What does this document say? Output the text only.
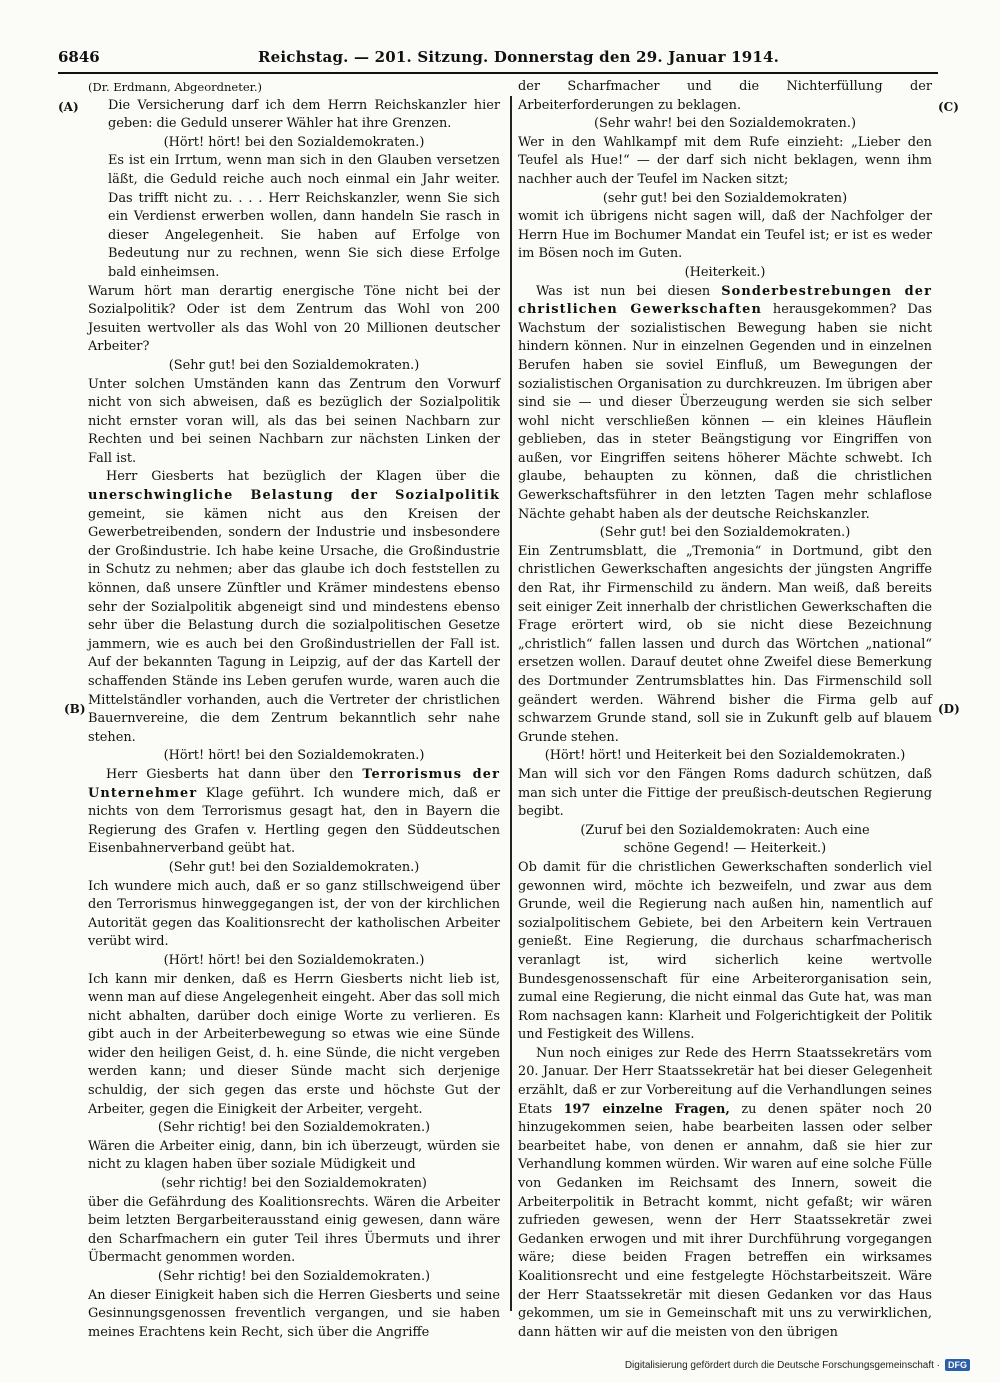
6846	Reichstag. — 201. Sitzung. Donnerstag den 29. Januar 1914.
(A)
(B)
(C)
(D)

(Dr. Erdmann, Abgeordneter.)

Die Versicherung darf ich dem Herrn Reichskanzler hier geben: die Geduld unserer Wähler hat ihre Grenzen.

(Hört! hört! bei den Sozialdemokraten.)

Es ist ein Irrtum, wenn man sich in den Glauben versetzen läßt, die Geduld reiche auch noch einmal ein Jahr weiter. Das trifft nicht zu. . . . Herr Reichskanzler, wenn Sie sich ein Verdienst erwerben wollen, dann handeln Sie rasch in dieser Angelegenheit. Sie haben auf Erfolge von Bedeutung nur zu rechnen, wenn Sie sich diese Erfolge bald einheimsen.

Warum hört man derartig energische Töne nicht bei der Sozialpolitik? Oder ist dem Zentrum das Wohl von 200 Jesuiten wertvoller als das Wohl von 20 Millionen deutscher Arbeiter?

(Sehr gut! bei den Sozialdemokraten.)

Unter solchen Umständen kann das Zentrum den Vorwurf nicht von sich abweisen, daß es bezüglich der Sozialpolitik nicht ernster voran will, als das bei seinen Nachbarn zur Rechten und bei seinen Nachbarn zur nächsten Linken der Fall ist.

Herr Giesberts hat bezüglich der Klagen über die unerschwingliche Belastung der Sozialpolitik gemeint, sie kämen nicht aus den Kreisen der Gewerbetreibenden, sondern der Industrie und insbesondere der Großindustrie. Ich habe keine Ursache, die Großindustrie in Schutz zu nehmen; aber das glaube ich doch feststellen zu können, daß unsere Zünftler und Krämer mindestens ebenso sehr der Sozialpolitik abgeneigt sind und mindestens ebenso sehr über die Belastung durch die sozialpolitischen Gesetze jammern, wie es auch bei den Großindustriellen der Fall ist. Auf der bekannten Tagung in Leipzig, auf der das Kartell der schaffenden Stände ins Leben gerufen wurde, waren auch die Mittelständler vorhanden, auch die Vertreter der christlichen Bauernvereine, die dem Zentrum bekanntlich sehr nahe stehen.

(Hört! hört! bei den Sozialdemokraten.)

Herr Giesberts hat dann über den Terrorismus der Unternehmer Klage geführt. Ich wundere mich, daß er nichts von dem Terrorismus gesagt hat, den in Bayern die Regierung des Grafen v. Hertling gegen den Süddeutschen Eisenbahnerverband geübt hat.

(Sehr gut! bei den Sozialdemokraten.)

Ich wundere mich auch, daß er so ganz stillschweigend über den Terrorismus hinweggegangen ist, der von der kirchlichen Autorität gegen das Koalitionsrecht der katholischen Arbeiter verübt wird.

(Hört! hört! bei den Sozialdemokraten.)

Ich kann mir denken, daß es Herrn Giesberts nicht lieb ist, wenn man auf diese Angelegenheit eingeht. Aber das soll mich nicht abhalten, darüber doch einige Worte zu verlieren. Es gibt auch in der Arbeiterbewegung so etwas wie eine Sünde wider den heiligen Geist, d. h. eine Sünde, die nicht vergeben werden kann; und dieser Sünde macht sich derjenige schuldig, der sich gegen das erste und höchste Gut der Arbeiter, gegen die Einigkeit der Arbeiter, vergeht.

(Sehr richtig! bei den Sozialdemokraten.)

Wären die Arbeiter einig, dann, bin ich überzeugt, würden sie nicht zu klagen haben über soziale Müdigkeit und

(sehr richtig! bei den Sozialdemokraten)

über die Gefährdung des Koalitionsrechts. Wären die Arbeiter beim letzten Bergarbeiterausstand einig gewesen, dann wäre den Scharfmachern ein guter Teil ihres Übermuts und ihrer Übermacht genommen worden.

(Sehr richtig! bei den Sozialdemokraten.)

An dieser Einigkeit haben sich die Herren Giesberts und seine Gesinnungsgenossen freventlich vergangen, und sie haben meines Erachtens kein Recht, sich über die Angriffe

der Scharfmacher und die Nichterfüllung der Arbeiterforderungen zu beklagen.

(Sehr wahr! bei den Sozialdemokraten.)

Wer in den Wahlkampf mit dem Rufe einzieht: „Lieber den Teufel als Hue!“ — der darf sich nicht beklagen, wenn ihm nachher auch der Teufel im Nacken sitzt;

(sehr gut! bei den Sozialdemokraten)

womit ich übrigens nicht sagen will, daß der Nachfolger der Herrn Hue im Bochumer Mandat ein Teufel ist; er ist es weder im Bösen noch im Guten.

(Heiterkeit.)

Was ist nun bei diesen Sonderbestrebungen der christlichen Gewerkschaften herausgekommen? Das Wachstum der sozialistischen Bewegung haben sie nicht hindern können. Nur in einzelnen Gegenden und in einzelnen Berufen haben sie soviel Einfluß, um Bewegungen der sozialistischen Organisation zu durchkreuzen. Im übrigen aber sind sie — und dieser Überzeugung werden sie sich selber wohl nicht verschließen können — ein kleines Häuflein geblieben, das in steter Beängstigung vor Eingriffen von außen, vor Eingriffen seitens höherer Mächte schwebt. Ich glaube, behaupten zu können, daß die christlichen Gewerkschaftsführer in den letzten Tagen mehr schlaflose Nächte gehabt haben als der deutsche Reichskanzler.

(Sehr gut! bei den Sozialdemokraten.)

Ein Zentrumsblatt, die „Tremonia“ in Dortmund, gibt den christlichen Gewerkschaften angesichts der jüngsten Angriffe den Rat, ihr Firmenschild zu ändern. Man weiß, daß bereits seit einiger Zeit innerhalb der christlichen Gewerkschaften die Frage erörtert wird, ob sie nicht diese Bezeichnung „christlich“ fallen lassen und durch das Wörtchen „national“ ersetzen wollen. Darauf deutet ohne Zweifel diese Bemerkung des Dortmunder Zentrumsblattes hin. Das Firmenschild soll geändert werden. Während bisher die Firma gelb auf schwarzem Grunde stand, soll sie in Zukunft gelb auf blauem Grunde stehen.

(Hört! hört! und Heiterkeit bei den Sozialdemokraten.)

Man will sich vor den Fängen Roms dadurch schützen, daß man sich unter die Fittige der preußisch-deutschen Regierung begibt.

(Zuruf bei den Sozialdemokraten: Auch eine

schöne Gegend! — Heiterkeit.)

Ob damit für die christlichen Gewerkschaften sonderlich viel gewonnen wird, möchte ich bezweifeln, und zwar aus dem Grunde, weil die Regierung nach außen hin, namentlich auf sozialpolitischem Gebiete, bei den Arbeitern kein Vertrauen genießt. Eine Regierung, die durchaus scharfmacherisch veranlagt ist, wird sicherlich keine wertvolle Bundesgenossenschaft für eine Arbeiterorganisation sein, zumal eine Regierung, die nicht einmal das Gute hat, was man Rom nachsagen kann: Klarheit und Folgerichtigkeit der Politik und Festigkeit des Willens.

Nun noch einiges zur Rede des Herrn Staatssekretärs vom 20. Januar. Der Herr Staatssekretär hat bei dieser Gelegenheit erzählt, daß er zur Vorbereitung auf die Verhandlungen seines Etats 197 einzelne Fragen, zu denen später noch 20 hinzugekommen seien, habe bearbeiten lassen oder selber bearbeitet habe, von denen er annahm, daß sie hier zur Verhandlung kommen würden. Wir waren auf eine solche Fülle von Gedanken im Reichsamt des Innern, soweit die Arbeiterpolitik in Betracht kommt, nicht gefaßt; wir wären zufrieden gewesen, wenn der Herr Staatssekretär zwei Gedanken erwogen und mit ihrer Durchführung vorgegangen wäre; diese beiden Fragen betreffen ein wirksames Koalitionsrecht und eine festgelegte Höchstarbeitszeit. Wäre der Herr Staatssekretär mit diesen Gedanken vor das Haus gekommen, um sie in Gemeinschaft mit uns zu verwirklichen, dann hätten wir auf die meisten von den übrigen

Digitalisierung gefördert durch die Deutsche Forschungsgemeinschaft · DFG
